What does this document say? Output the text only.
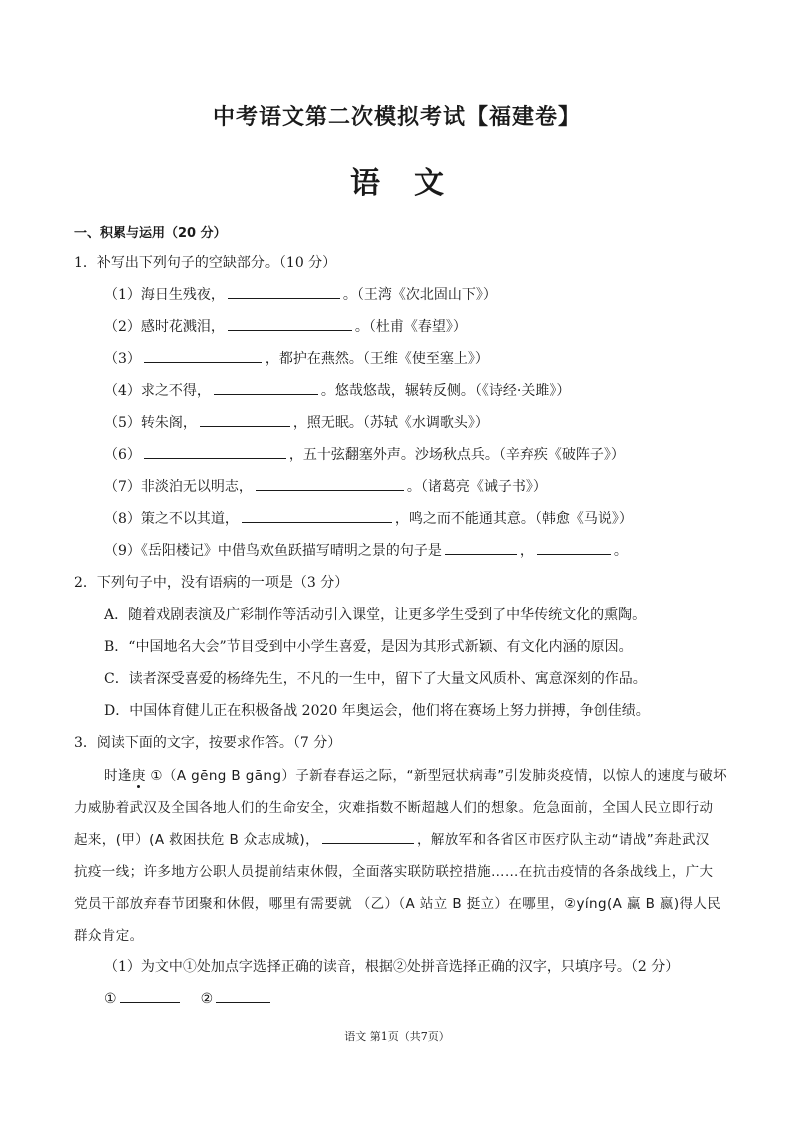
中考语文第二次模拟考试【福建卷】
语文
一、积累与运用（20 分）
1．补写出下列句子的空缺部分。（10 分）
（1）海日生残夜，	。（王湾《次北固山下》）
（2）感时花溅泪，	。（杜甫《春望》）
（3）	，都护在燕然。（王维《使至塞上》）
（4）求之不得，	。悠哉悠哉，辗转反侧。（《诗经·关雎》）
（5）转朱阁，	，照无眠。（苏轼《水调歌头》）
（6）	，五十弦翻塞外声。沙场秋点兵。（辛弃疾《破阵子》）
（7）非淡泊无以明志，	。（诸葛亮《诫子书》）
（8）策之不以其道，	，鸣之而不能通其意。（韩愈《马说》）
（9）《岳阳楼记》中借鸟欢鱼跃描写晴明之景的句子是	，	。
2．下列句子中，没有语病的一项是（3 分）
A．随着戏剧表演及广彩制作等活动引入课堂，让更多学生受到了中华传统文化的熏陶。
B．“中国地名大会”节目受到中小学生喜爱，是因为其形式新颖、有文化内涵的原因。
C．读者深受喜爱的杨绛先生，不凡的一生中，留下了大量文风质朴、寓意深刻的作品。
D．中国体育健儿正在积极备战 2020 年奥运会，他们将在赛场上努力拼搏，争创佳绩。
3．阅读下面的文字，按要求作答。（7 分）
时逢庚 ①（A gēng B gāng）子新春春运之际，“新型冠状病毒”引发肺炎疫情，以惊人的速度与破坏
力威胁着武汉及全国各地人们的生命安全，灾难指数不断超越人们的想象。危急面前，全国人民立即行动
起来，(甲）(A 救困扶危 B 众志成城)，	，解放军和各省区市医疗队主动“请战”奔赴武汉
抗疫一线；许多地方公职人员提前结束休假，全面落实联防联控措施……在抗击疫情的各条战线上，广大
党员干部放弃春节团聚和休假，哪里有需要就 （乙）（A 站立 B 挺立）在哪里，②yíng(A 赢 B 嬴)得人民
群众肯定。
（1）为文中①处加点字选择正确的读音，根据②处拼音选择正确的汉字，只填序号。（2 分）
①	②
语文 第1页（共7页）
